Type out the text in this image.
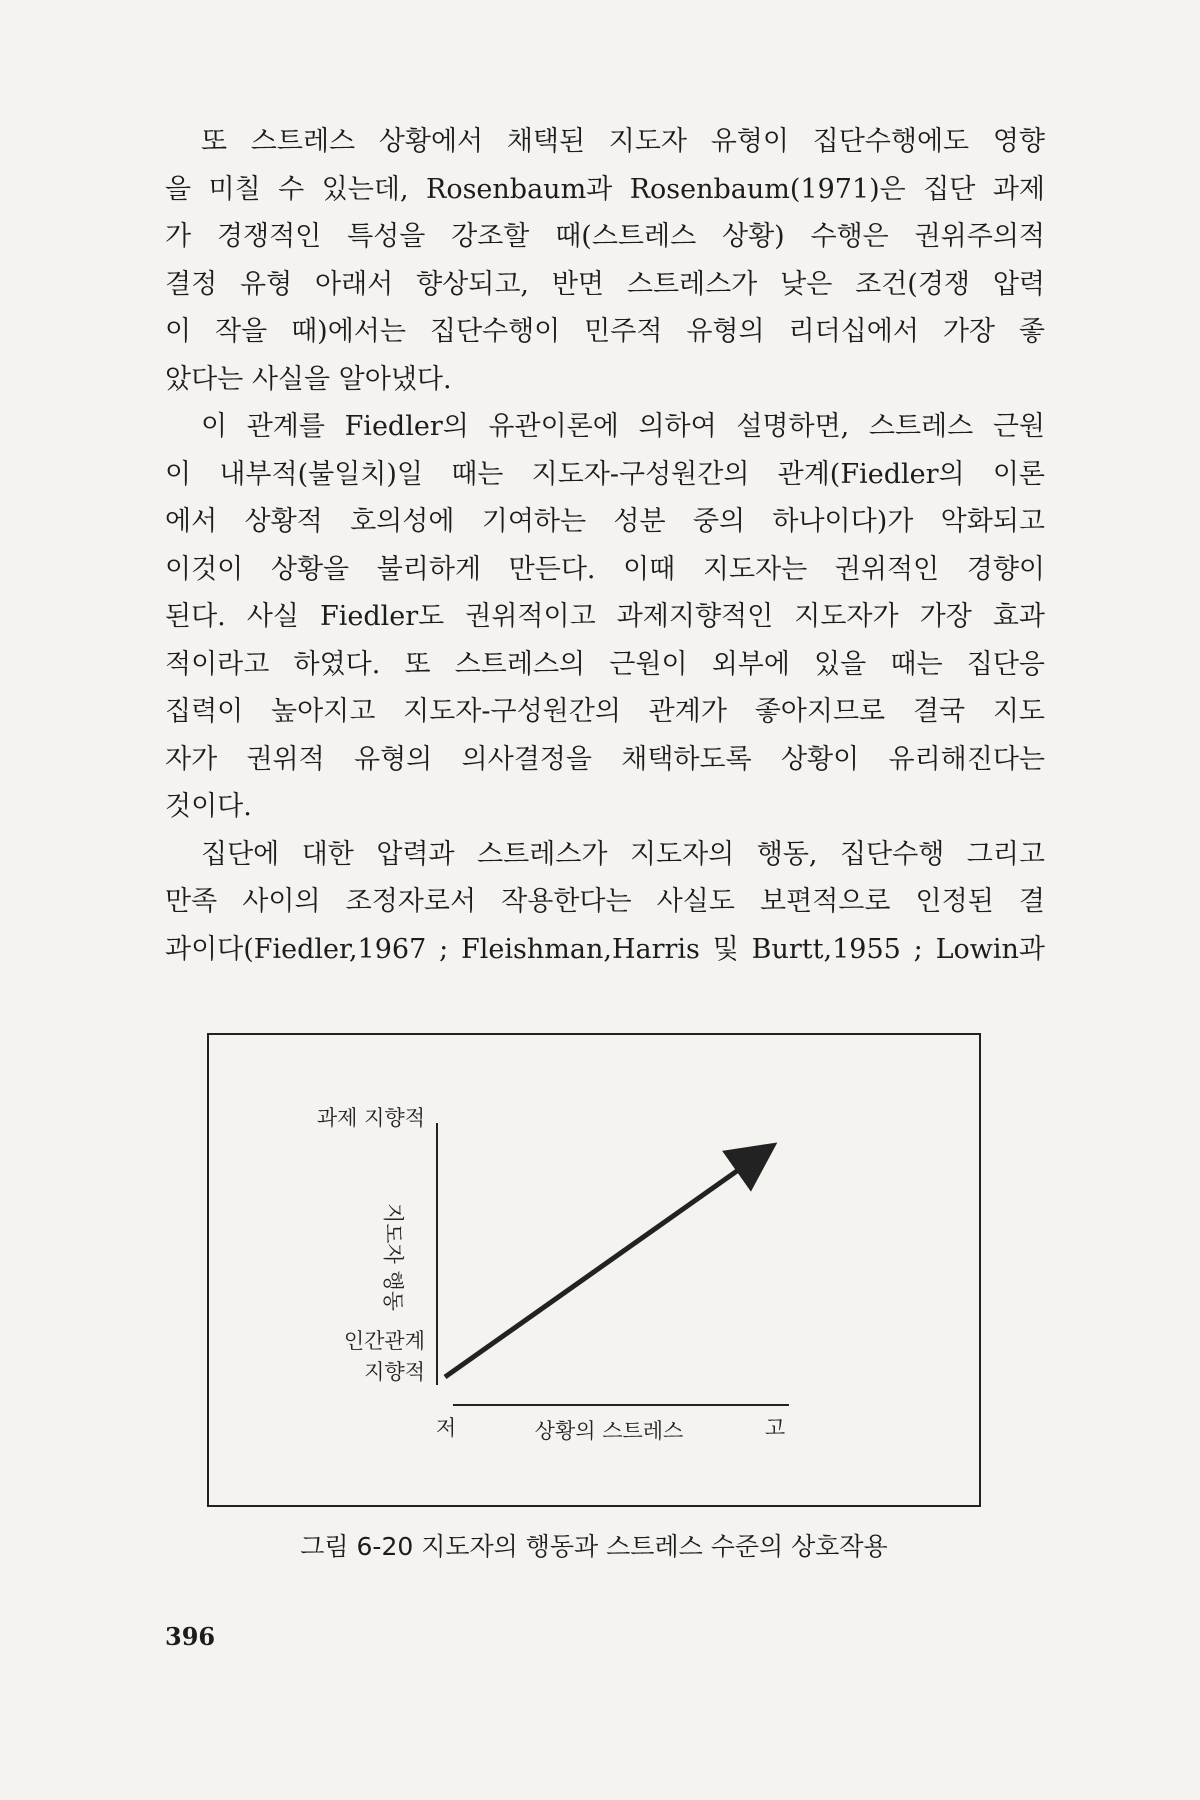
또 스트레스 상황에서 채택된 지도자 유형이 집단수행에도 영향
을 미칠 수 있는데, Rosenbaum과 Rosenbaum(1971)은 집단 과제
가 경쟁적인 특성을 강조할 때(스트레스 상황) 수행은 권위주의적
결정 유형 아래서 향상되고, 반면 스트레스가 낮은 조건(경쟁 압력
이 작을 때)에서는 집단수행이 민주적 유형의 리더십에서 가장 좋
았다는 사실을 알아냈다.
이 관계를 Fiedler의 유관이론에 의하여 설명하면, 스트레스 근원
이 내부적(불일치)일 때는 지도자-구성원간의 관계(Fiedler의 이론
에서 상황적 호의성에 기여하는 성분 중의 하나이다)가 악화되고
이것이 상황을 불리하게 만든다. 이때 지도자는 권위적인 경향이
된다. 사실 Fiedler도 권위적이고 과제지향적인 지도자가 가장 효과
적이라고 하였다. 또 스트레스의 근원이 외부에 있을 때는 집단응
집력이 높아지고 지도자-구성원간의 관계가 좋아지므로 결국 지도
자가 권위적 유형의 의사결정을 채택하도록 상황이 유리해진다는
것이다.
집단에 대한 압력과 스트레스가 지도자의 행동, 집단수행 그리고
만족 사이의 조정자로서 작용한다는 사실도 보편적으로 인정된 결
과이다(Fiedler,1967 ; Fleishman,Harris 및 Burtt,1955 ; Lowin과
과제 지향적
지도자 행동
인간관계
지향적
저	상황의 스트레스	고
그림 6-20 지도자의 행동과 스트레스 수준의 상호작용
396
